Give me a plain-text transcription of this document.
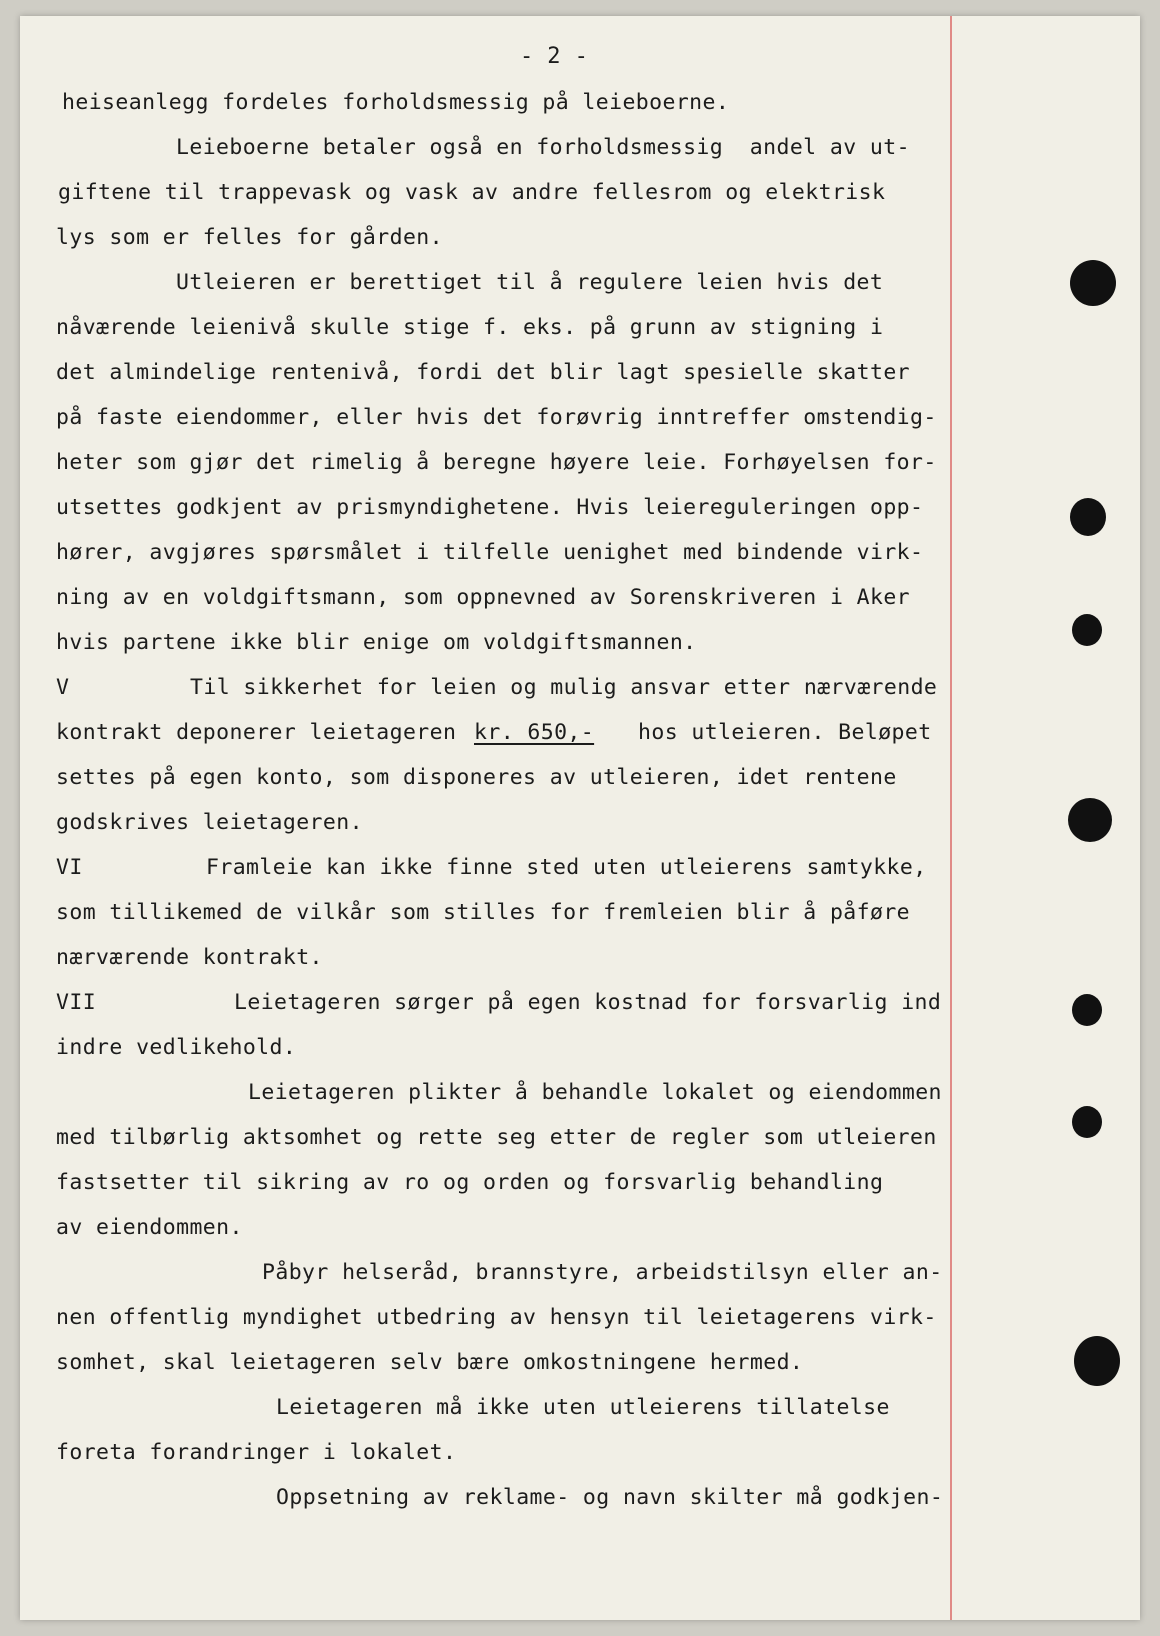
- 2 -
heiseanlegg fordeles forholdsmessig på leieboerne.
Leieboerne betaler også en forholdsmessig  andel av ut-
giftene til trappevask og vask av andre fellesrom og elektrisk
lys som er felles for gården.
Utleieren er berettiget til å regulere leien hvis det
nåværende leienivå skulle stige f. eks. på grunn av stigning i
det almindelige rentenivå, fordi det blir lagt spesielle skatter
på faste eiendommer, eller hvis det forøvrig inntreffer omstendig-
heter som gjør det rimelig å beregne høyere leie. Forhøyelsen for-
utsettes godkjent av prismyndighetene. Hvis leiereguleringen opp-
hører, avgjøres spørsmålet i tilfelle uenighet med bindende virk-
ning av en voldgiftsmann, som oppnevned av Sorenskriveren i Aker
hvis partene ikke blir enige om voldgiftsmannen.
V	Til sikkerhet for leien og mulig ansvar etter nærværende
kontrakt deponerer leietageren kr. 650,- hos utleieren. Beløpet
settes på egen konto, som disponeres av utleieren, idet rentene
godskrives leietageren.
VI	Framleie kan ikke finne sted uten utleierens samtykke,
som tillikemed de vilkår som stilles for fremleien blir å påføre
nærværende kontrakt.
VII	Leietageren sørger på egen kostnad for forsvarlig ind
indre vedlikehold.
Leietageren plikter å behandle lokalet og eiendommen
med tilbørlig aktsomhet og rette seg etter de regler som utleieren
fastsetter til sikring av ro og orden og forsvarlig behandling
av eiendommen.
Påbyr helseråd, brannstyre, arbeidstilsyn eller an-
nen offentlig myndighet utbedring av hensyn til leietagerens virk-
somhet, skal leietageren selv bære omkostningene hermed.
Leietageren må ikke uten utleierens tillatelse
foreta forandringer i lokalet.
Oppsetning av reklame- og navn skilter må godkjen-
